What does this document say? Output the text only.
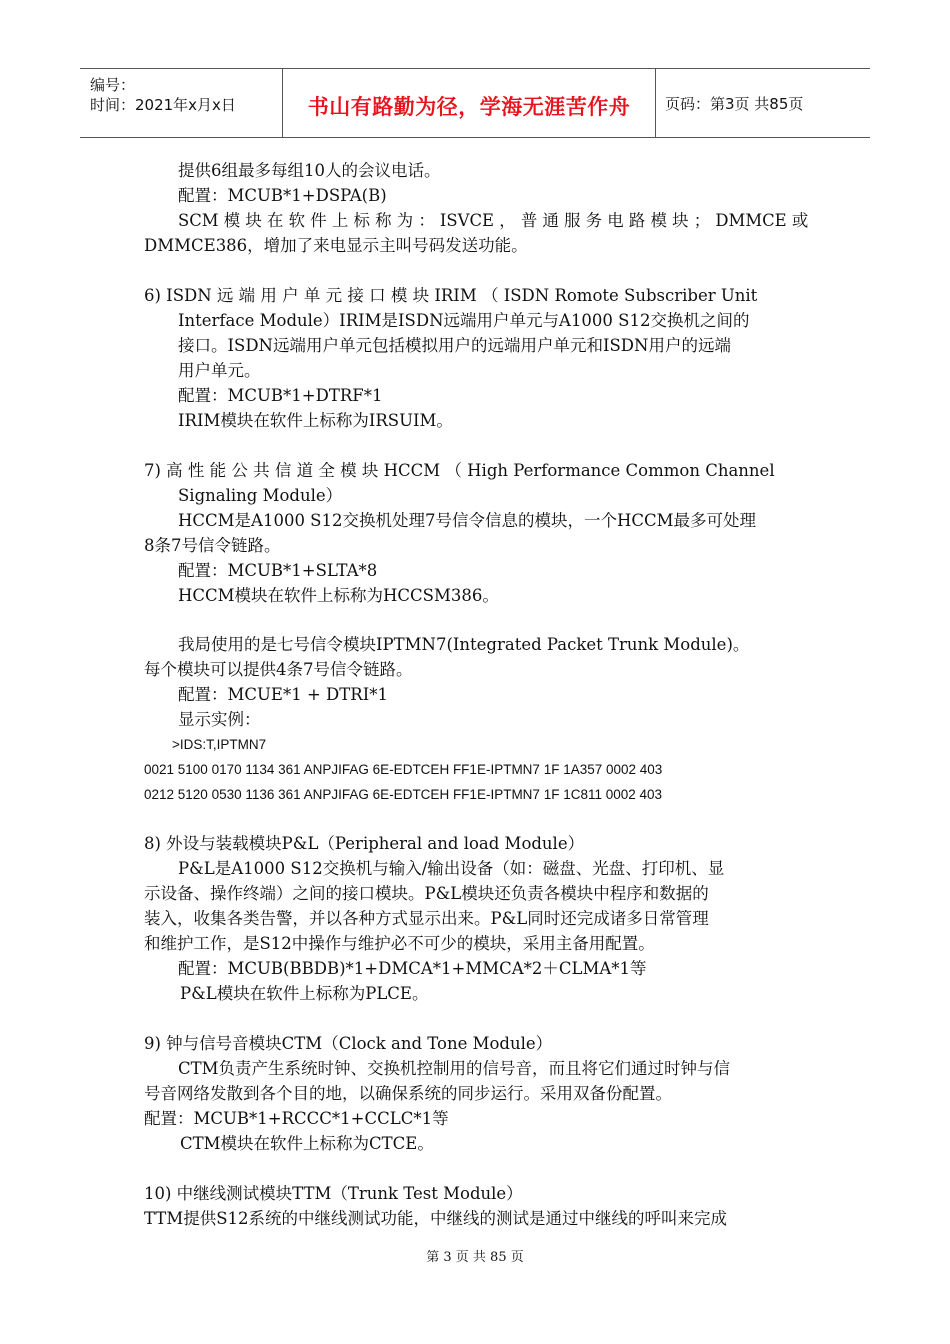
编号：
时间：2021年x月x日	书山有路勤为径，学海无涯苦作舟	页码：第3页 共85页
提供6组最多每组10人的会议电话。
配置：MCUB*1+DSPA(B)
SCM 模 块 在 软 件 上 标 称 为 ： ISVCE ， 普 通 服 务 电 路 模 块 ； DMMCE 或
DMMCE386，增加了来电显示主叫号码发送功能。
6) ISDN 远 端 用 户 单 元 接 口 模 块 IRIM （ ISDN Romote Subscriber Unit
Interface Module）IRIM是ISDN远端用户单元与A1000 S12交换机之间的
接口。ISDN远端用户单元包括模拟用户的远端用户单元和ISDN用户的远端
用户单元。
配置：MCUB*1+DTRF*1
IRIM模块在软件上标称为IRSUIM。
7) 高 性 能 公 共 信 道 全 模 块 HCCM （ High Performance Common Channel
Signaling Module）
HCCM是A1000 S12交换机处理7号信令信息的模块，一个HCCM最多可处理
8条7号信令链路。
配置：MCUB*1+SLTA*8
HCCM模块在软件上标称为HCCSM386。
我局使用的是七号信令模块IPTMN7(Integrated Packet Trunk Module)。
每个模块可以提供4条7号信令链路。
配置：MCUE*1 + DTRI*1
显示实例：
>IDS:T,IPTMN7
0021 5100 0170 1134 361 ANPJIFAG 6E-EDTCEH FF1E-IPTMN7 1F 1A357 0002 403
0212 5120 0530 1136 361 ANPJIFAG 6E-EDTCEH FF1E-IPTMN7 1F 1C811 0002 403
8) 外设与装载模块P&L（Peripheral and load Module）
P&L是A1000 S12交换机与输入/输出设备（如：磁盘、光盘、打印机、显
示设备、操作终端）之间的接口模块。P&L模块还负责各模块中程序和数据的
装入，收集各类告警，并以各种方式显示出来。P&L同时还完成诸多日常管理
和维护工作，是S12中操作与维护必不可少的模块，采用主备用配置。
配置：MCUB(BBDB)*1+DMCA*1+MMCA*2＋CLMA*1等
P&L模块在软件上标称为PLCE。
9) 钟与信号音模块CTM（Clock and Tone Module）
CTM负责产生系统时钟、交换机控制用的信号音，而且将它们通过时钟与信
号音网络发散到各个目的地，以确保系统的同步运行。采用双备份配置。
配置：MCUB*1+RCCC*1+CCLC*1等
CTM模块在软件上标称为CTCE。
10) 中继线测试模块TTM（Trunk Test Module）
TTM提供S12系统的中继线测试功能，中继线的测试是通过中继线的呼叫来完成
第 3 页 共 85 页
